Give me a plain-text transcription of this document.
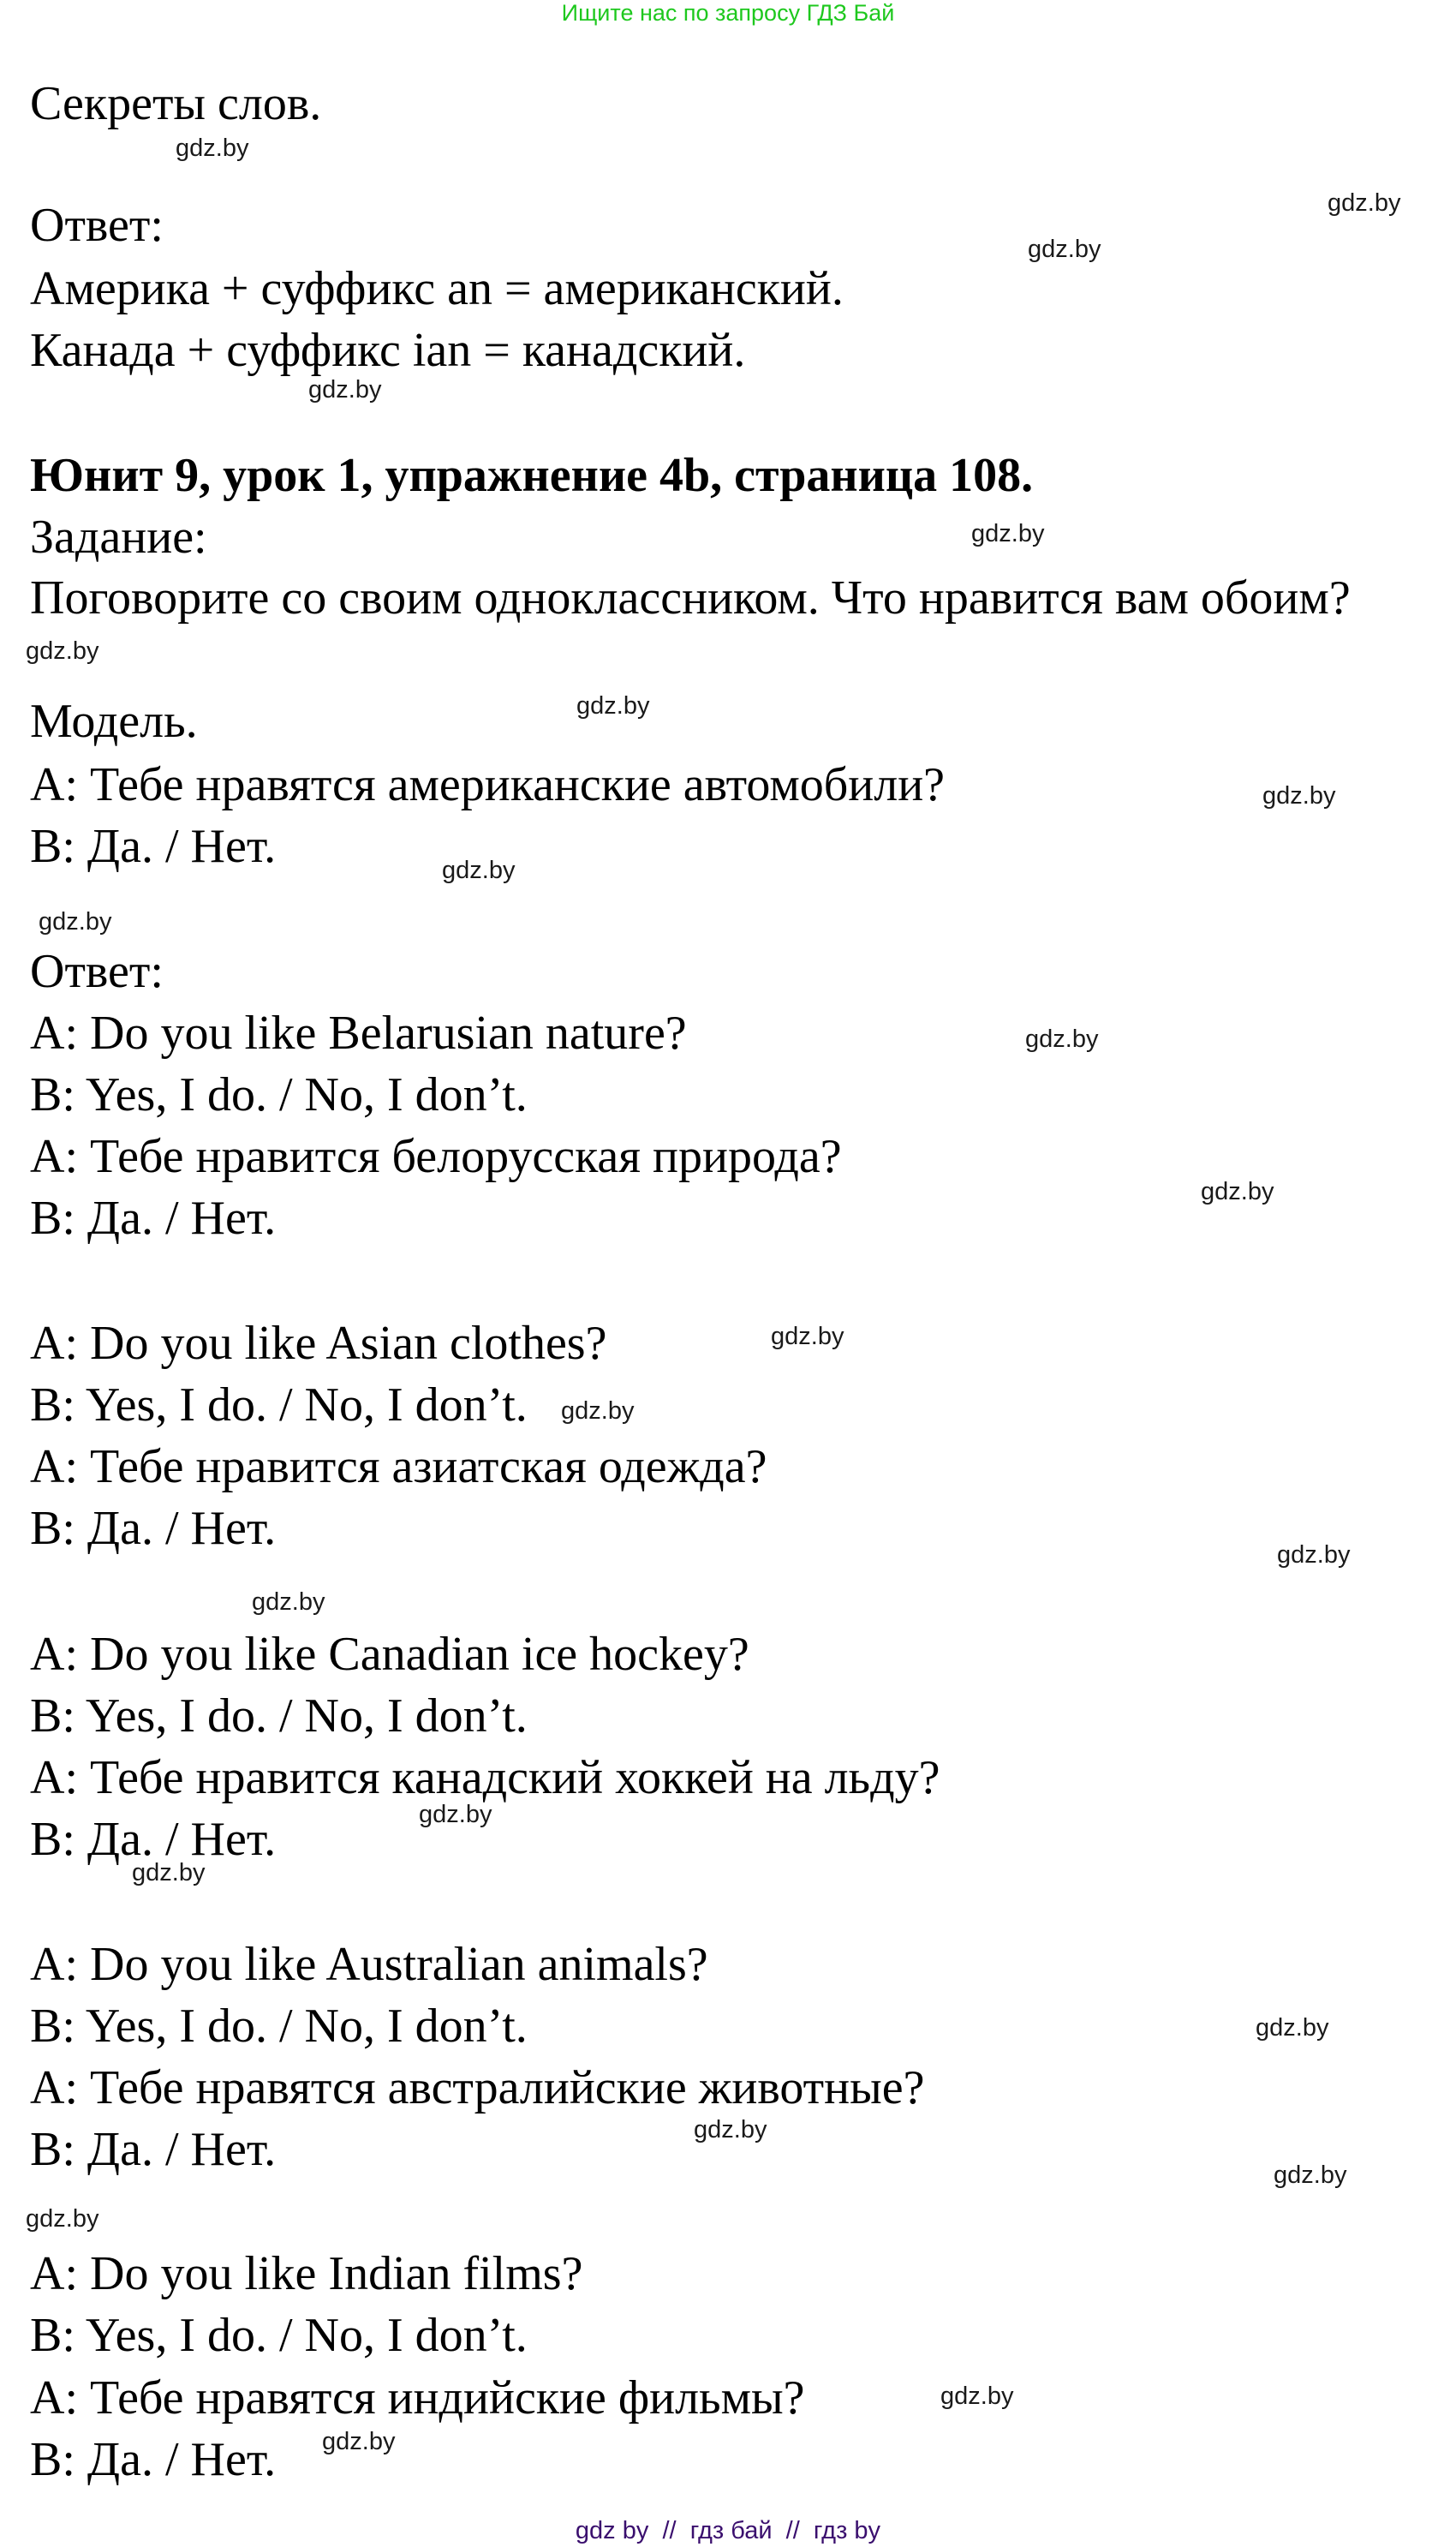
Ищите нас по запросу ГДЗ Бай
Секреты слов.
Ответ:
Америка + суффикс an = американский.
Канада + суффикс ian = канадский.
Юнит 9, урок 1, упражнение 4b, страница 108.
Задание:
Поговорите со своим одноклассником. Что нравится вам обоим?
Модель.
A: Тебе нравятся американские автомобили?
B: Да. / Нет.
Ответ:
A: Do you like Belarusian nature?
B: Yes, I do. / No, I don’t.
A: Тебе нравится белорусская природа?
B: Да. / Нет.
A: Do you like Asian clothes?
B: Yes, I do. / No, I don’t.
A: Тебе нравится азиатская одежда?
B: Да. / Нет.
A: Do you like Canadian ice hockey?
B: Yes, I do. / No, I don’t.
A: Тебе нравится канадский хоккей на льду?
B: Да. / Нет.
A: Do you like Australian animals?
B: Yes, I do. / No, I don’t.
A: Тебе нравятся австралийские животные?
B: Да. / Нет.
A: Do you like Indian films?
B: Yes, I do. / No, I don’t.
A: Тебе нравятся индийские фильмы?
B: Да. / Нет.
gdz.by
gdz.by
gdz.by
gdz.by
gdz.by
gdz.by
gdz.by
gdz.by
gdz.by
gdz.by
gdz.by
gdz.by
gdz.by
gdz.by
gdz.by
gdz.by
gdz.by
gdz.by
gdz.by
gdz.by
gdz.by
gdz.by
gdz.by
gdz.by
gdz by  //  гдз бай  //  гдз by
